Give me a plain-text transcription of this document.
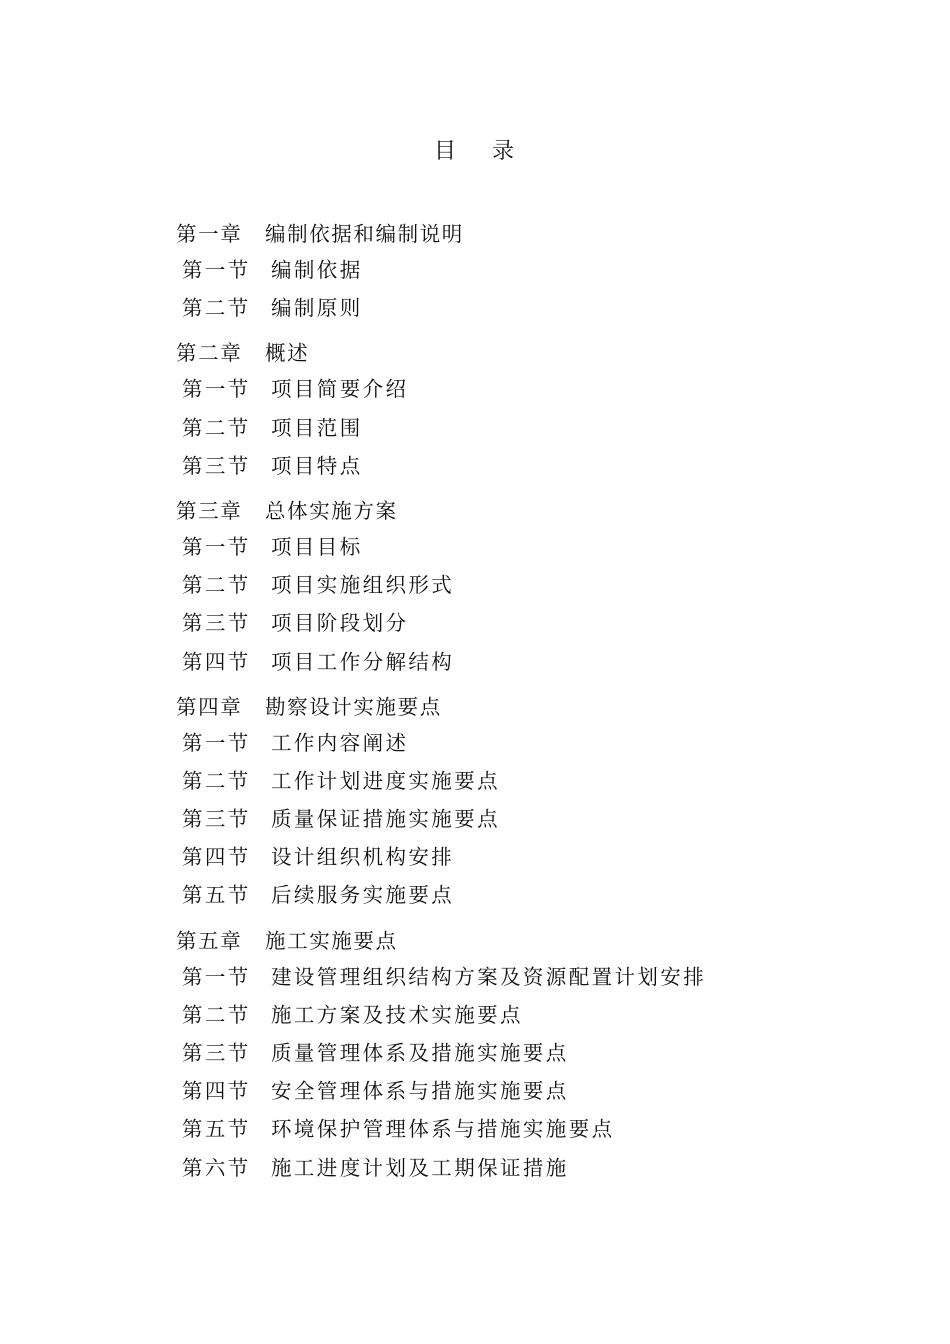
目 录
第一章 编制依据和编制说明
第一节 编制依据
第二节 编制原则
第二章 概述
第一节 项目简要介绍
第二节 项目范围
第三节 项目特点
第三章 总体实施方案
第一节 项目目标
第二节 项目实施组织形式
第三节 项目阶段划分
第四节 项目工作分解结构
第四章 勘察设计实施要点
第一节 工作内容阐述
第二节 工作计划进度实施要点
第三节 质量保证措施实施要点
第四节 设计组织机构安排
第五节 后续服务实施要点
第五章 施工实施要点
第一节 建设管理组织结构方案及资源配置计划安排
第二节 施工方案及技术实施要点
第三节 质量管理体系及措施实施要点
第四节 安全管理体系与措施实施要点
第五节 环境保护管理体系与措施实施要点
第六节 施工进度计划及工期保证措施
